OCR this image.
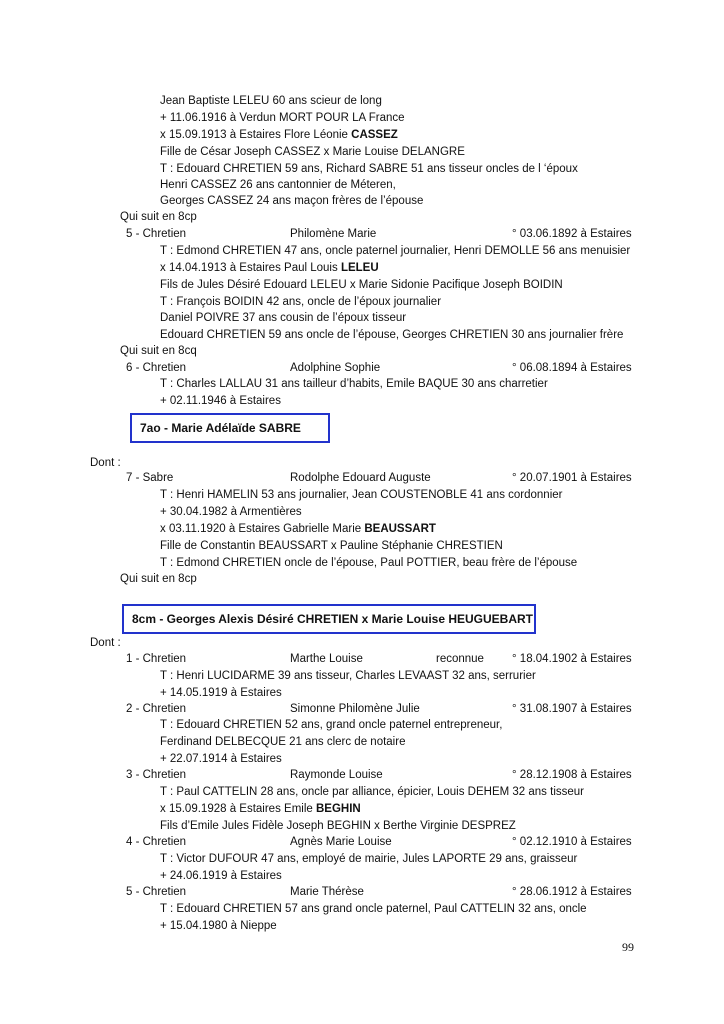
Jean Baptiste LELEU 60 ans scieur de long
+ 11.06.1916 à Verdun MORT POUR LA France
x 15.09.1913 à Estaires Flore Léonie CASSEZ
Fille de César Joseph CASSEZ x Marie Louise DELANGRE
T : Edouard CHRETIEN 59 ans, Richard SABRE 51 ans tisseur oncles de l ‘époux
Henri CASSEZ 26 ans cantonnier de Méteren,
Georges CASSEZ 24 ans maçon frères de l’épouse
Qui suit en 8cp
5 - Chretien	Philomène Marie	° 03.06.1892 à Estaires
T : Edmond CHRETIEN 47 ans, oncle paternel journalier, Henri DEMOLLE 56 ans menuisier
x 14.04.1913 à Estaires Paul Louis LELEU
Fils de Jules Désiré Edouard LELEU x Marie Sidonie Pacifique Joseph BOIDIN
T : François BOIDIN 42 ans, oncle de l’époux journalier
Daniel POIVRE 37 ans cousin de l’époux tisseur
Edouard CHRETIEN 59 ans oncle de l’épouse, Georges CHRETIEN 30 ans journalier frère
Qui suit en 8cq
6 - Chretien	Adolphine Sophie	° 06.08.1894 à Estaires
T : Charles LALLAU 31 ans tailleur d’habits, Emile BAQUE 30 ans charretier
+ 02.11.1946 à Estaires
7ao - Marie Adélaïde SABRE
Dont :
7 - Sabre	Rodolphe Edouard Auguste	° 20.07.1901 à Estaires
T : Henri HAMELIN 53 ans journalier, Jean COUSTENOBLE 41 ans cordonnier
+ 30.04.1982 à Armentières
x 03.11.1920 à Estaires Gabrielle Marie BEAUSSART
Fille de Constantin BEAUSSART x Pauline Stéphanie CHRESTIEN
T : Edmond CHRETIEN oncle de l’épouse, Paul POTTIER, beau frère de l’épouse
Qui suit en 8cp
8cm - Georges Alexis Désiré CHRETIEN x Marie Louise HEUGUEBART
Dont :
1 - Chretien	Marthe Louise	reconnue ° 18.04.1902 à Estaires
T : Henri LUCIDARME 39 ans tisseur, Charles LEVAAST 32 ans, serrurier
+ 14.05.1919 à Estaires
2 - Chretien	Simonne Philomène Julie	° 31.08.1907 à Estaires
T : Edouard CHRETIEN 52 ans, grand oncle paternel entrepreneur,
Ferdinand DELBECQUE 21 ans clerc de notaire
+ 22.07.1914 à Estaires
3 - Chretien	Raymonde Louise	° 28.12.1908 à Estaires
T : Paul CATTELIN 28 ans, oncle par alliance, épicier, Louis DEHEM 32 ans tisseur
x 15.09.1928 à Estaires Emile BEGHIN
Fils d’Emile Jules Fidèle Joseph BEGHIN x Berthe Virginie DESPREZ
4 - Chretien	Agnès Marie Louise	° 02.12.1910 à Estaires
T : Victor DUFOUR 47 ans, employé de mairie, Jules LAPORTE 29 ans, graisseur
+ 24.06.1919 à Estaires
5 - Chretien	Marie Thérèse	° 28.06.1912 à Estaires
T : Edouard CHRETIEN 57 ans grand oncle paternel, Paul CATTELIN 32 ans, oncle
+ 15.04.1980 à Nieppe
99
